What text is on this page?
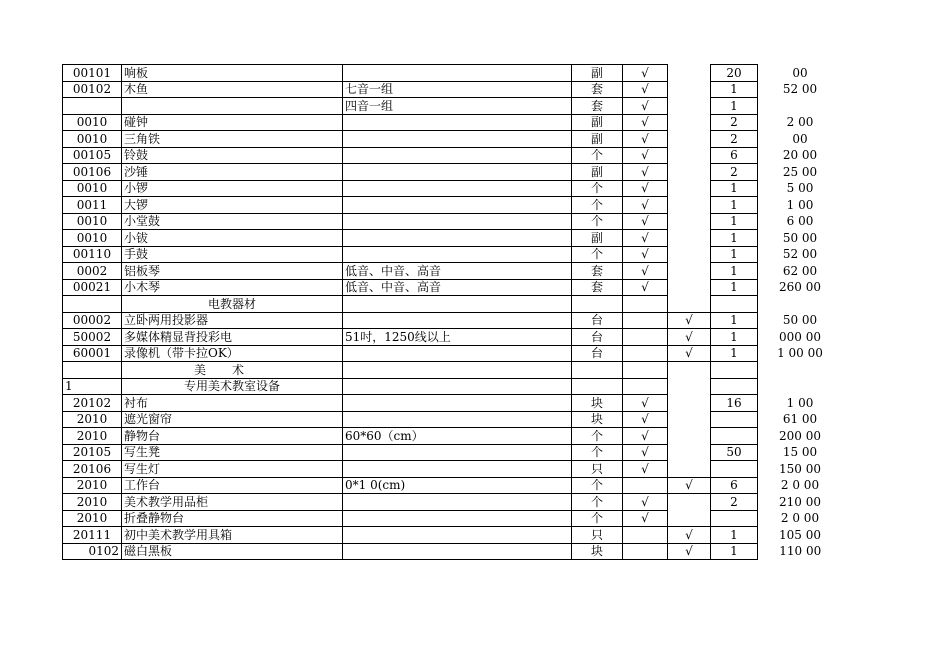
00101	响板		副	√		20	00
00102	木鱼	七音一组	套	√		1	52 00
		四音一组	套	√		1	
0010	碰钟		副	√		2	2 00
0010	三角铁		副	√		2	00
00105	铃鼓		个	√		6	20 00
00106	沙锤		副	√		2	25 00
0010	小锣		个	√		1	5 00
0011	大锣		个	√		1	1 00
0010	小堂鼓		个	√		1	6 00
0010	小钹		副	√		1	50 00
00110	手鼓		个	√		1	52 00
0002	铝板琴	低音、中音、高音	套	√		1	62 00
00021	小木琴	低音、中音、高音	套	√		1	260 00
	电教器材						
00002	立卧两用投影器		台		√	1	50 00
50002	多媒体精显背投彩电	51吋，1250线以上	台		√	1	000 00
60001	录像机（带卡拉OK）		台		√	1	1 00 00
	美术						
1	专用美术教室设备						
20102	衬布		块	√		16	1 00
2010	遮光窗帘		块	√			61 00
2010	静物台	60*60（cm）	个	√			200 00
20105	写生凳		个	√		50	15 00
20106	写生灯		只	√			150 00
2010	工作台	0*1 0(cm)	个		√	6	2 0 00
2010	美术教学用品柜		个	√		2	210 00
2010	折叠静物台		个	√			2 0 00
20111	初中美术教学用具箱		只		√	1	105 00
0102	磁白黑板		块		√	1	110 00
